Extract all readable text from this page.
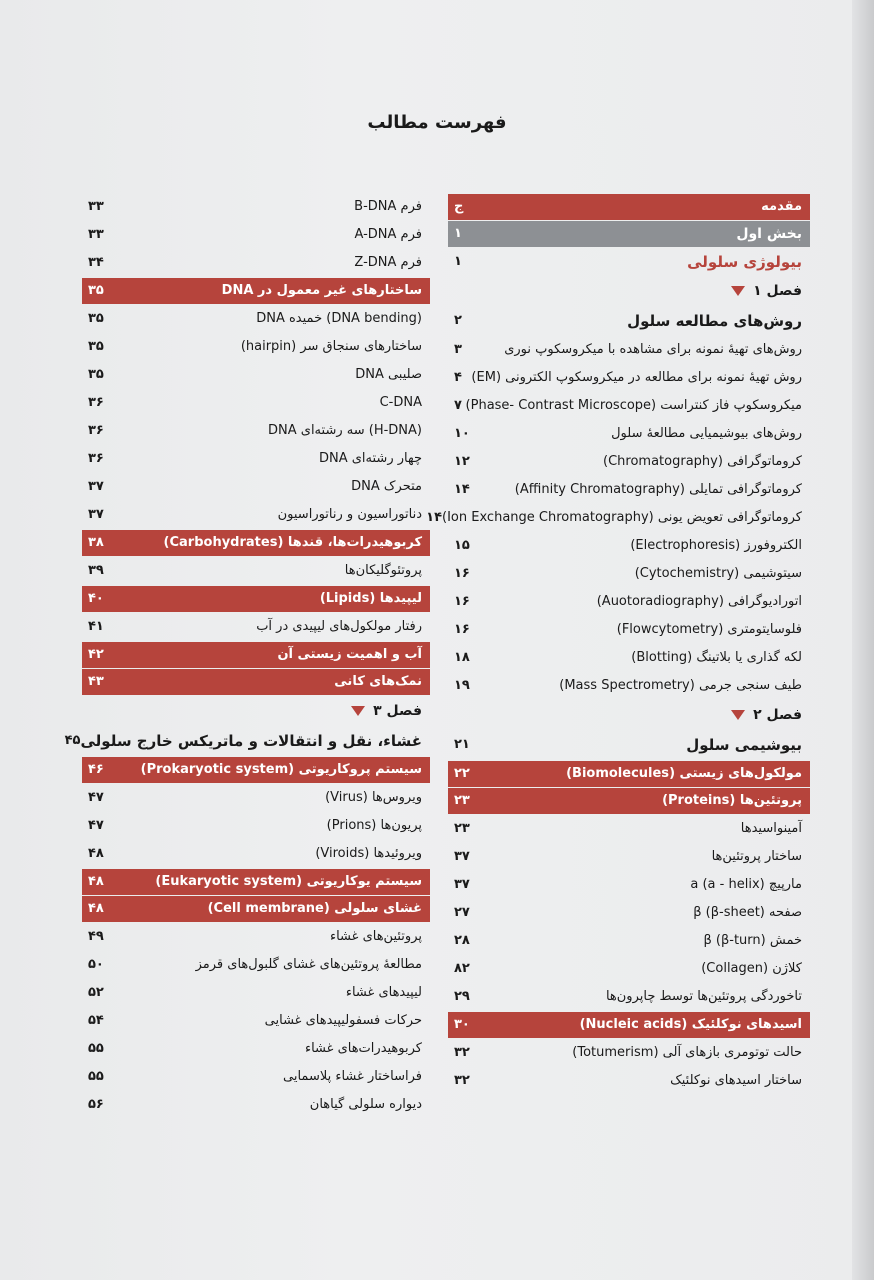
فهرست مطالب
مقدمه
ج
بخش اول
۱
بیولوژی سلولی
۱
فصل ۱
روش‌های مطالعه سلول
۲
روش‌های تهیهٔ نمونه برای مشاهده با میکروسکوپ نوری
۳
روش تهیهٔ نمونه برای مطالعه در میکروسکوپ الکترونی (EM)
۴
میکروسکوپ فاز کنتراست (Phase- Contrast Microscope)
۷
روش‌های بیوشیمیایی مطالعهٔ سلول
۱۰
کروماتوگرافی (Chromatography)
۱۲
کروماتوگرافی تمایلی (Affinity Chromatography)
۱۴
کروماتوگرافی تعویض یونی (Ion Exchange Chromatography)
۱۴
الکتروفورز (Electrophoresis)
۱۵
سیتوشیمی (Cytochemistry)
۱۶
اتورادیوگرافی (Auotoradiography)
۱۶
فلوسایتومتری (Flowcytometry)
۱۶
لکه گذاری یا بلاتینگ (Blotting)
۱۸
طیف سنجی جرمی (Mass Spectrometry)
۱۹
فصل ۲
بیوشیمی سلول
۲۱
مولکول‌های زیستی (Biomolecules)
۲۲
پروتئین‌ها (Proteins)
۲۳
آمینواسیدها
۲۳
ساختار پروتئین‌ها
۳۷
مارپیچ a (a - helix)
۳۷
صفحه β (β-sheet)
۲۷
خمش β (β-turn)
۲۸
کلاژن (Collagen)
۸۲
تاخوردگی پروتئین‌ها توسط چاپرون‌ها
۲۹
اسیدهای نوکلئیک (Nucleic acids)
۳۰
حالت توتومری بازهای آلی (Totumerism)
۳۲
ساختار اسیدهای نوکلئیک
۳۲
فرم B-DNA
۳۳
فرم A-DNA
۳۳
فرم Z-DNA
۳۴
ساختارهای غیر معمول در DNA
۳۵
DNA خمیده (DNA bending)
۳۵
ساختارهای سنجاق سر (hairpin)
۳۵
DNA صلیبی
۳۵
C-DNA
۳۶
DNA سه رشته‌ای (H-DNA)
۳۶
DNA چهار رشته‌ای
۳۶
DNA متحرک
۳۷
دناتوراسیون و رناتوراسیون
۳۷
کربوهیدرات‌ها، قندها (Carbohydrates)
۳۸
پروتئوگلیکان‌ها
۳۹
لیپیدها (Lipids)
۴۰
رفتار مولکول‌های لیپیدی در آب
۴۱
آب و اهمیت زیستی آن
۴۲
نمک‌های کانی
۴۳
فصل ۳
غشاء، نقل و انتقالات و ماتریکس خارج سلولی
۴۵
سیستم پروکاریوتی (Prokaryotic system)
۴۶
ویروس‌ها (Virus)
۴۷
پریون‌ها (Prions)
۴۷
ویروئیدها (Viroids)
۴۸
سیستم یوکاریوتی (Eukaryotic system)
۴۸
غشای سلولی (Cell membrane)
۴۸
پروتئین‌های غشاء
۴۹
مطالعهٔ پروتئین‌های غشای گلبول‌های قرمز
۵۰
لیپیدهای غشاء
۵۲
حرکات فسفولیپیدهای غشایی
۵۴
کربوهیدرات‌های غشاء
۵۵
فراساختار غشاء پلاسمایی
۵۵
دیواره سلولی گیاهان
۵۶
